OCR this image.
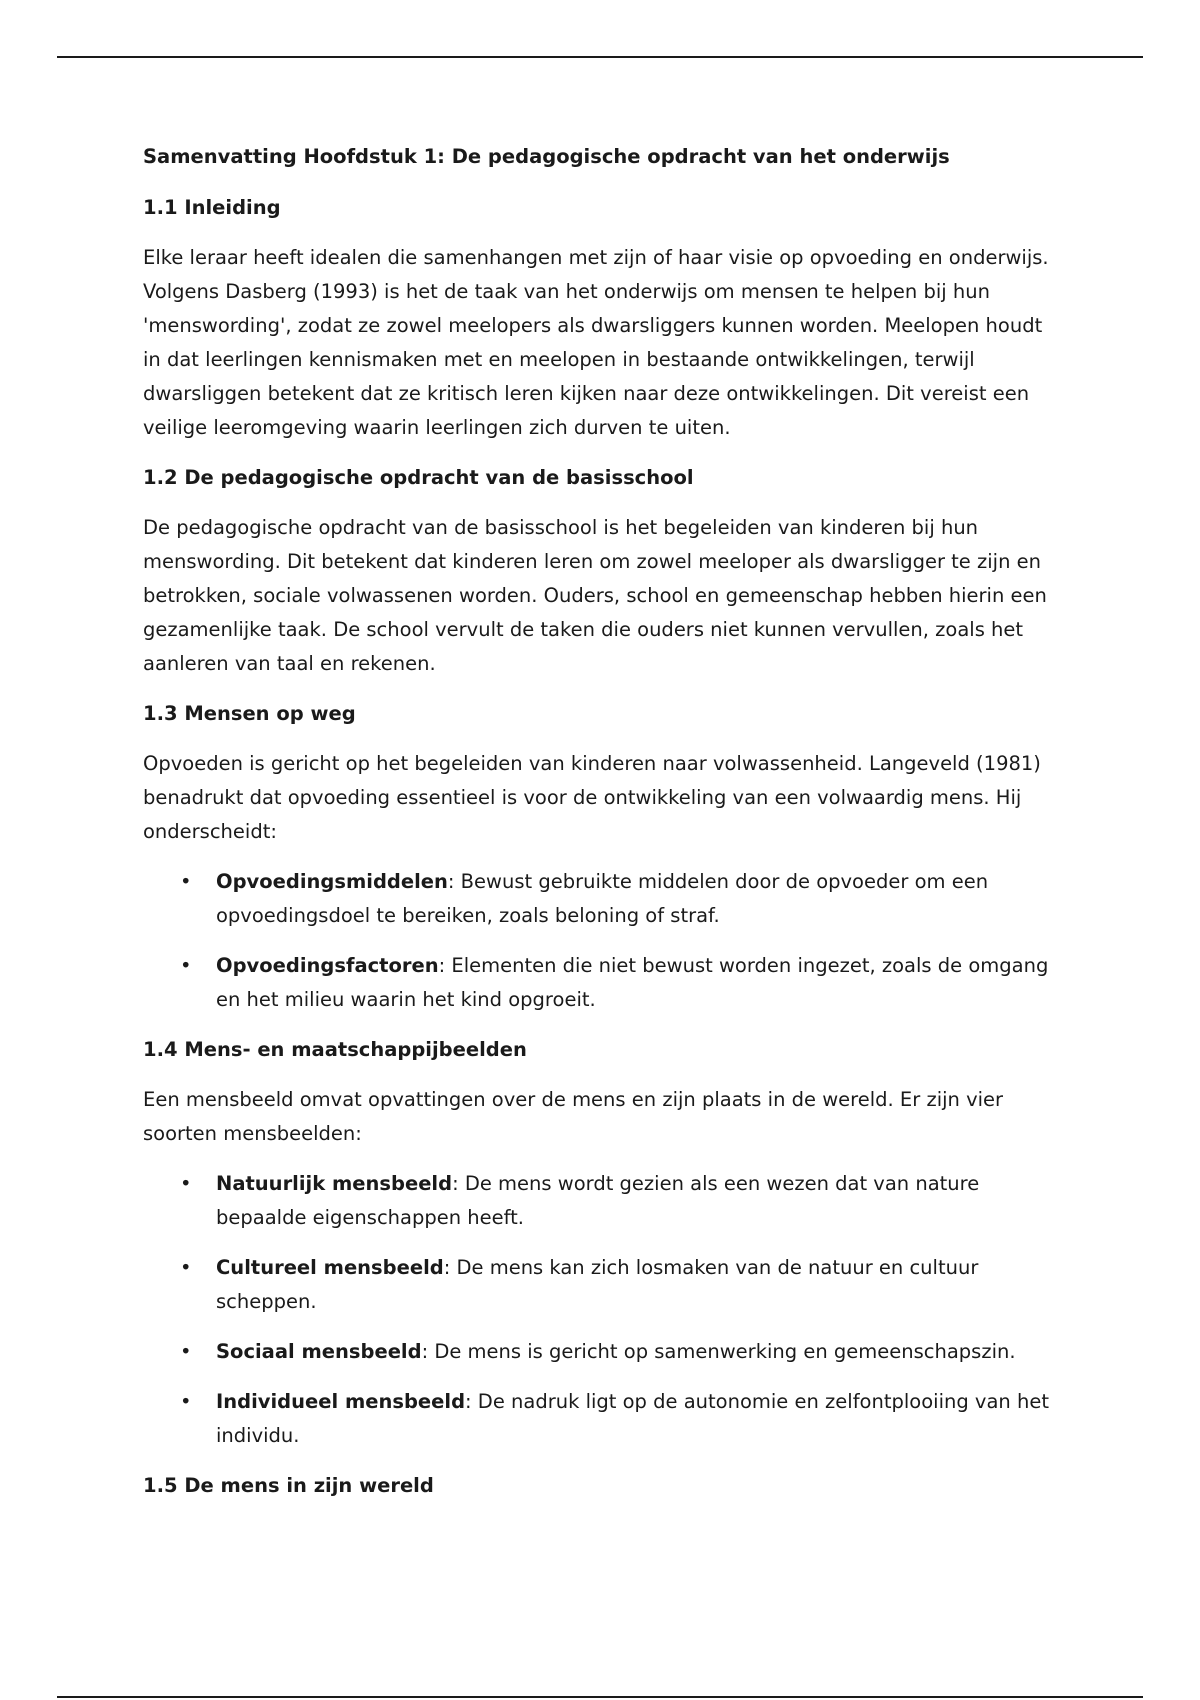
Samenvatting Hoofdstuk 1: De pedagogische opdracht van het onderwijs
1.1 Inleiding

Elke leraar heeft idealen die samenhangen met zijn of haar visie op opvoeding en onderwijs. Volgens Dasberg (1993) is het de taak van het onderwijs om mensen te helpen bij hun 'menswording', zodat ze zowel meelopers als dwarsliggers kunnen worden. Meelopen houdt in dat leerlingen kennismaken met en meelopen in bestaande ontwikkelingen, terwijl dwarsliggen betekent dat ze kritisch leren kijken naar deze ontwikkelingen. Dit vereist een veilige leeromgeving waarin leerlingen zich durven te uiten.

1.2 De pedagogische opdracht van de basisschool

De pedagogische opdracht van de basisschool is het begeleiden van kinderen bij hun menswording. Dit betekent dat kinderen leren om zowel meeloper als dwarsligger te zijn en betrokken, sociale volwassenen worden. Ouders, school en gemeenschap hebben hierin een gezamenlijke taak. De school vervult de taken die ouders niet kunnen vervullen, zoals het aanleren van taal en rekenen.

1.3 Mensen op weg

Opvoeden is gericht op het begeleiden van kinderen naar volwassenheid. Langeveld (1981) benadrukt dat opvoeding essentieel is voor de ontwikkeling van een volwaardig mens. Hij onderscheidt:

• Opvoedingsmiddelen: Bewust gebruikte middelen door de opvoeder om een opvoedingsdoel te bereiken, zoals beloning of straf.
• Opvoedingsfactoren: Elementen die niet bewust worden ingezet, zoals de omgang en het milieu waarin het kind opgroeit.
1.4 Mens- en maatschappijbeelden

Een mensbeeld omvat opvattingen over de mens en zijn plaats in de wereld. Er zijn vier soorten mensbeelden:

• Natuurlijk mensbeeld: De mens wordt gezien als een wezen dat van nature bepaalde eigenschappen heeft.
• Cultureel mensbeeld: De mens kan zich losmaken van de natuur en cultuur scheppen.
• Sociaal mensbeeld: De mens is gericht op samenwerking en gemeenschapszin.
• Individueel mensbeeld: De nadruk ligt op de autonomie en zelfontplooiing van het individu.
1.5 De mens in zijn wereld
